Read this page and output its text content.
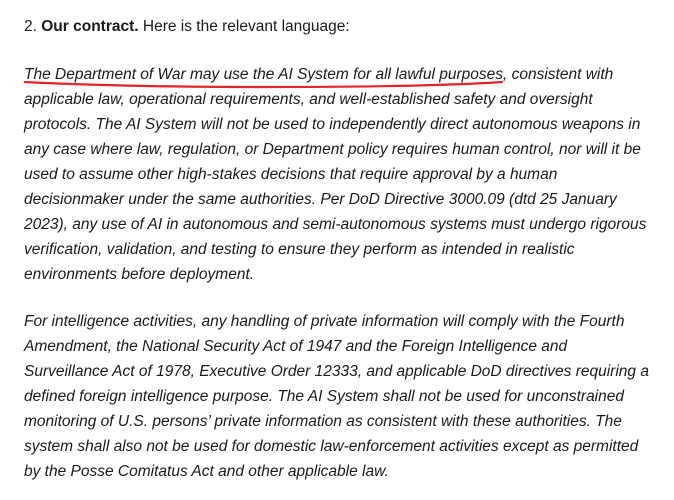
2. Our contract. Here is the relevant language:

The Department of War may use the AI System for all lawful purposes, consistent with
applicable law, operational requirements, and well-established safety and oversight
protocols. The AI System will not be used to independently direct autonomous weapons in
any case where law, regulation, or Department policy requires human control, nor will it be
used to assume other high-stakes decisions that require approval by a human
decisionmaker under the same authorities. Per DoD Directive 3000.09 (dtd 25 January
2023), any use of AI in autonomous and semi-autonomous systems must undergo rigorous
verification, validation, and testing to ensure they perform as intended in realistic
environments before deployment.

For intelligence activities, any handling of private information will comply with the Fourth
Amendment, the National Security Act of 1947 and the Foreign Intelligence and
Surveillance Act of 1978, Executive Order 12333, and applicable DoD directives requiring a
defined foreign intelligence purpose. The AI System shall not be used for unconstrained
monitoring of U.S. persons’ private information as consistent with these authorities. The
system shall also not be used for domestic law-enforcement activities except as permitted
by the Posse Comitatus Act and other applicable law.
